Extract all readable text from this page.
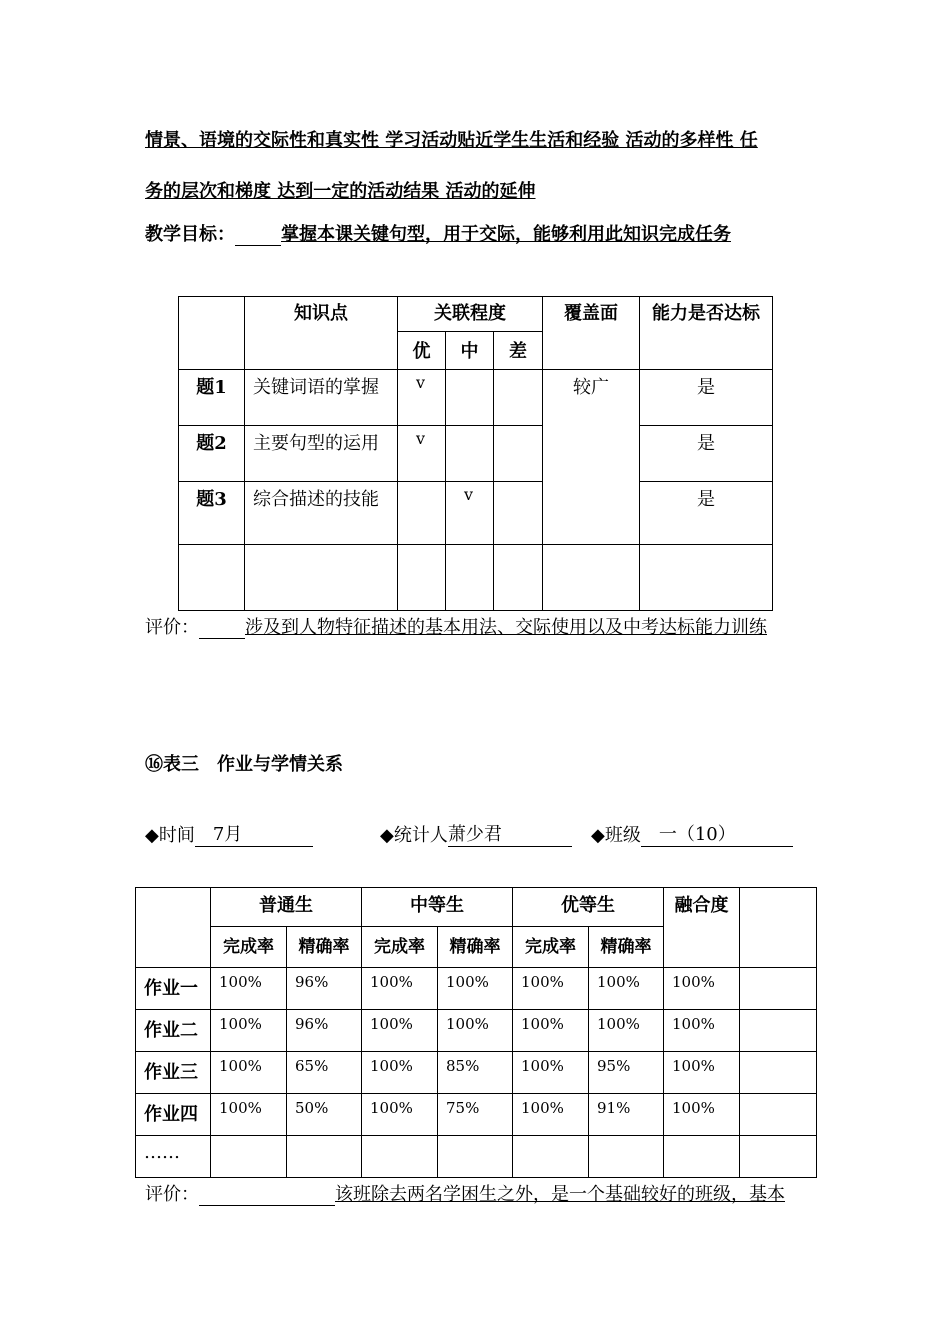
情景、语境的交际性和真实性 学习活动贴近学生生活和经验 活动的多样性 任
务的层次和梯度 达到一定的活动结果 活动的延伸
教学目标：	掌握本课关键句型，用于交际，能够利用此知识完成任务
	知识点	关联程度			覆盖面	能力是否达标
		优	中	差		
题1	关键词语的掌握	v			较广	是
题2	主要句型的运用	v				是
题3	综合描述的技能		v			是

评价：	涉及到人物特征描述的基本用法、交际使用以及中考达标能力训练
⑯表三　作业与学情关系
◆时间 7月	◆统计人萧少君	◆班级 一（10）
	普通生		中等生		优等生		融合度	
	完成率	精确率	完成率	精确率	完成率	精确率		
作业一	100%	96%	100%	100%	100%	100%	100%	
作业二	100%	96%	100%	100%	100%	100%	100%	
作业三	100%	65%	100%	85%	100%	95%	100%	
作业四	100%	50%	100%	75%	100%	91%	100%	
……								
评价：	该班除去两名学困生之外，是一个基础较好的班级，基本
